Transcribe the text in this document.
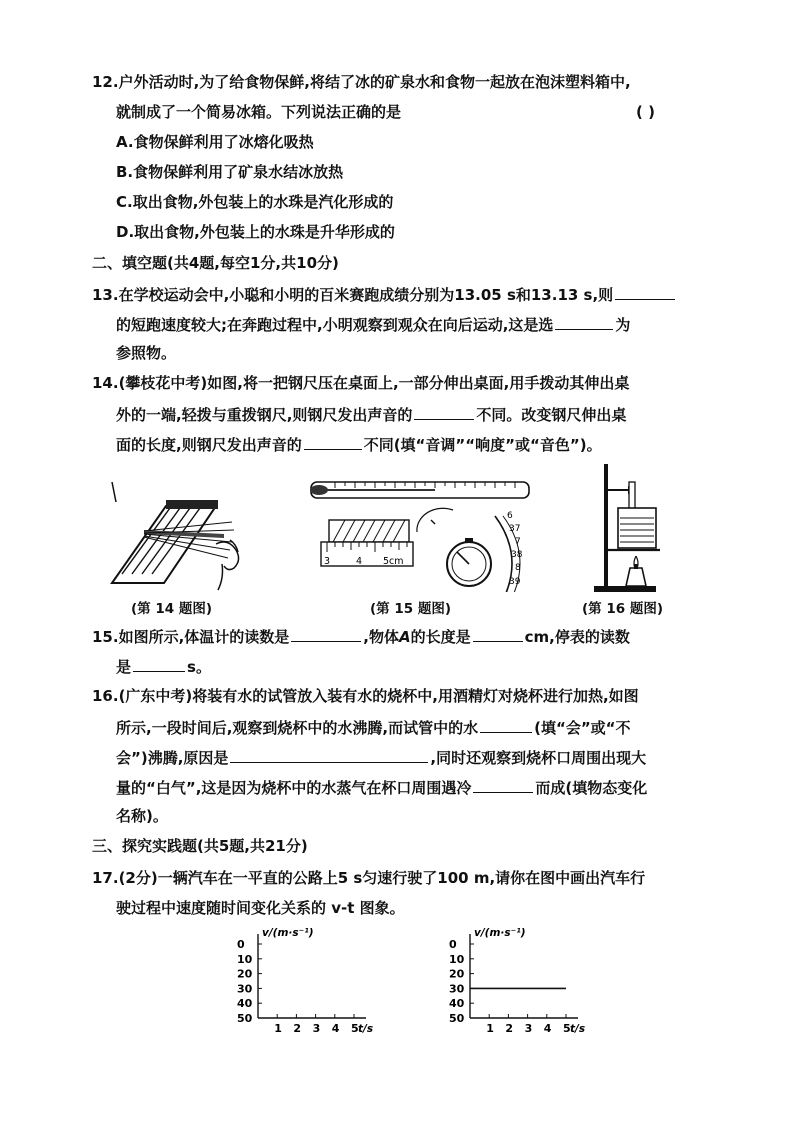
12.户外活动时,为了给食物保鲜,将结了冰的矿泉水和食物一起放在泡沫塑料箱中,
就制成了一个简易冰箱。下列说法正确的是	( )
A.食物保鲜利用了冰熔化吸热
B.食物保鲜利用了矿泉水结冰放热
C.取出食物,外包装上的水珠是汽化形成的
D.取出食物,外包装上的水珠是升华形成的
二、填空题(共4题,每空1分,共10分)
13.在学校运动会中,小聪和小明的百米赛跑成绩分别为13.05 s和13.13 s,则
的短跑速度较大;在奔跑过程中,小明观察到观众在向后运动,这是选	为
参照物。
14.(攀枝花中考)如图,将一把钢尺压在桌面上,一部分伸出桌面,用手拨动其伸出桌
外的一端,轻拨与重拨钢尺,则钢尺发出声音的	不同。改变钢尺伸出桌
面的长度,则钢尺发出声音的	不同(填“音调”“响度”或“音色”)。
3	4 5cm
6
37
7
38
8
39
(第 14 题图)	(第 15 题图)	(第 16 题图)
15.如图所示,体温计的读数是	,物体A的长度是	cm,停表的读数
是	s。
16.(广东中考)将装有水的试管放入装有水的烧杯中,用酒精灯对烧杯进行加热,如图
所示,一段时间后,观察到烧杯中的水沸腾,而试管中的水	(填“会”或“不
会”)沸腾,原因是	,同时还观察到烧杯口周围出现大
量的“白气”,这是因为烧杯中的水蒸气在杯口周围遇冷	而成(填物态变化
名称)。
三、探究实践题(共5题,共21分)
17.(2分)一辆汽车在一平直的公路上5 s匀速行驶了100 m,请你在图中画出汽车行
驶过程中速度随时间变化关系的 v-t 图象。
0
10
20
30
40
50
1 2 3 4 5
v/(m·s⁻¹)
t/s
0
10
20
30
40
50
1 2 3 4 5
v/(m·s⁻¹)
t/s
